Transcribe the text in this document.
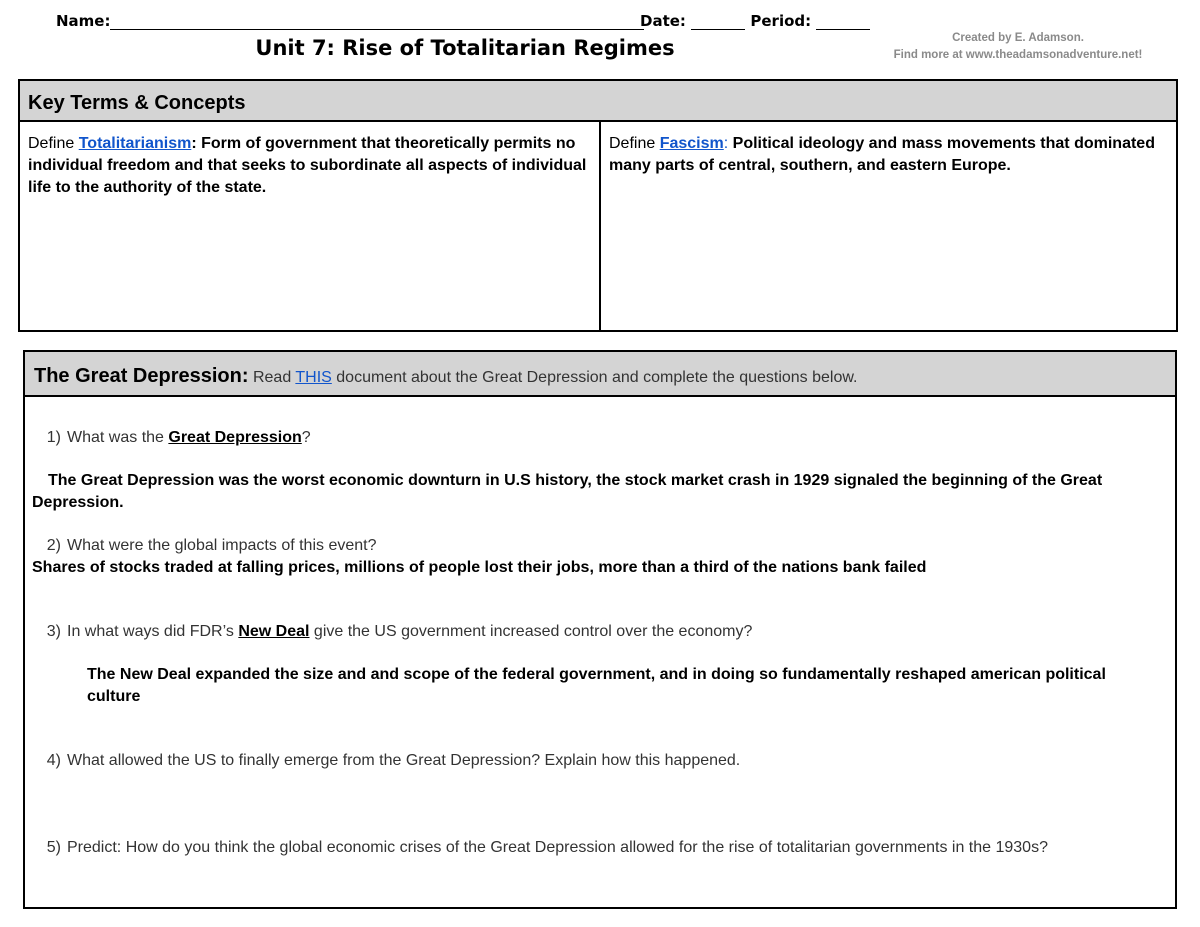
Name:	Date:	Period:
Unit 7: Rise of Totalitarian Regimes	Created by E. Adamson.
Find more at www.theadamsonadventure.net!
Key Terms & Concepts
Define Totalitarianism: Form of government that theoretically permits no individual freedom and that seeks to subordinate all aspects of individual life to the authority of the state.
Define Fascism: Political ideology and mass movements that dominated many parts of central, southern, and eastern Europe.
The Great Depression: Read THIS document about the Great Depression and complete the questions below.
1) What was the Great Depression?
The Great Depression was the worst economic downturn in U.S history, the stock market crash in 1929 signaled the beginning of the Great Depression.
2) What were the global impacts of this event?
Shares of stocks traded at falling prices, millions of people lost their jobs, more than a third of the nations bank failed
3) In what ways did FDR’s New Deal give the US government increased control over the economy?
The New Deal expanded the size and and scope of the federal government, and in doing so fundamentally reshaped american political culture
4) What allowed the US to finally emerge from the Great Depression? Explain how this happened.
5) Predict: How do you think the global economic crises of the Great Depression allowed for the rise of totalitarian governments in the 1930s?
